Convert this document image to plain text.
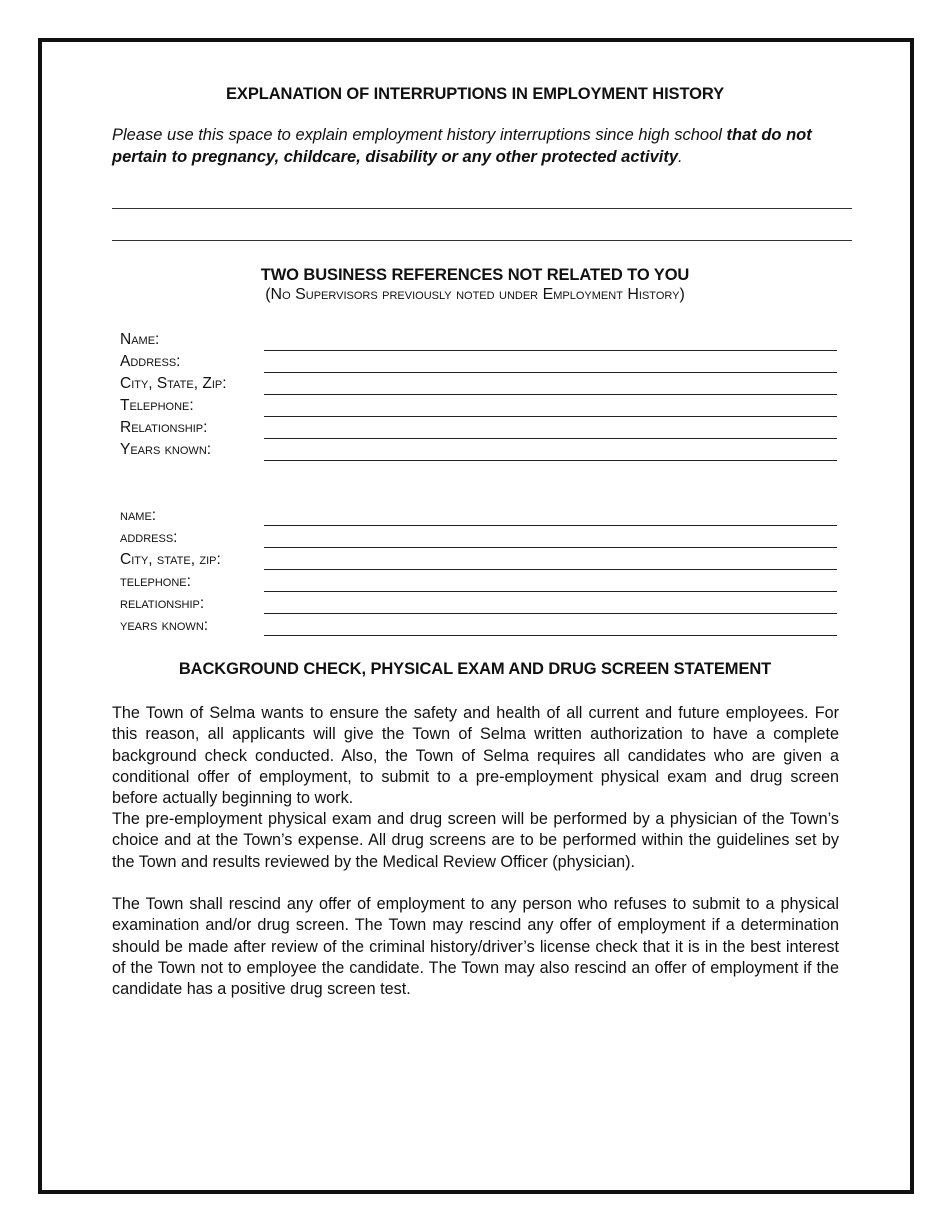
EXPLANATION OF INTERRUPTIONS IN EMPLOYMENT HISTORY
Please use this space to explain employment history interruptions since high school that do not pertain to pregnancy, childcare, disability or any other protected activity.
TWO BUSINESS REFERENCES NOT RELATED TO YOU
(No Supervisors previously noted under Employment History)
Name:
Address:
City, State, Zip:
Telephone:
Relationship:
Years known:
name:
address:
City, state, zip:
telephone:
relationship:
years known:
BACKGROUND CHECK, PHYSICAL EXAM AND DRUG SCREEN STATEMENT
The Town of Selma wants to ensure the safety and health of all current and future employees. For this reason, all applicants will give the Town of Selma written authorization to have a complete background check conducted. Also, the Town of Selma requires all candidates who are given a conditional offer of employment, to submit to a pre-employment physical exam and drug screen before actually beginning to work.
The pre-employment physical exam and drug screen will be performed by a physician of the Town’s choice and at the Town’s expense. All drug screens are to be performed within the guidelines set by the Town and results reviewed by the Medical Review Officer (physician).
The Town shall rescind any offer of employment to any person who refuses to submit to a physical examination and/or drug screen. The Town may rescind any offer of employment if a determination should be made after review of the criminal history/driver’s license check that it is in the best interest of the Town not to employee the candidate. The Town may also rescind an offer of employment if the candidate has a positive drug screen test.
